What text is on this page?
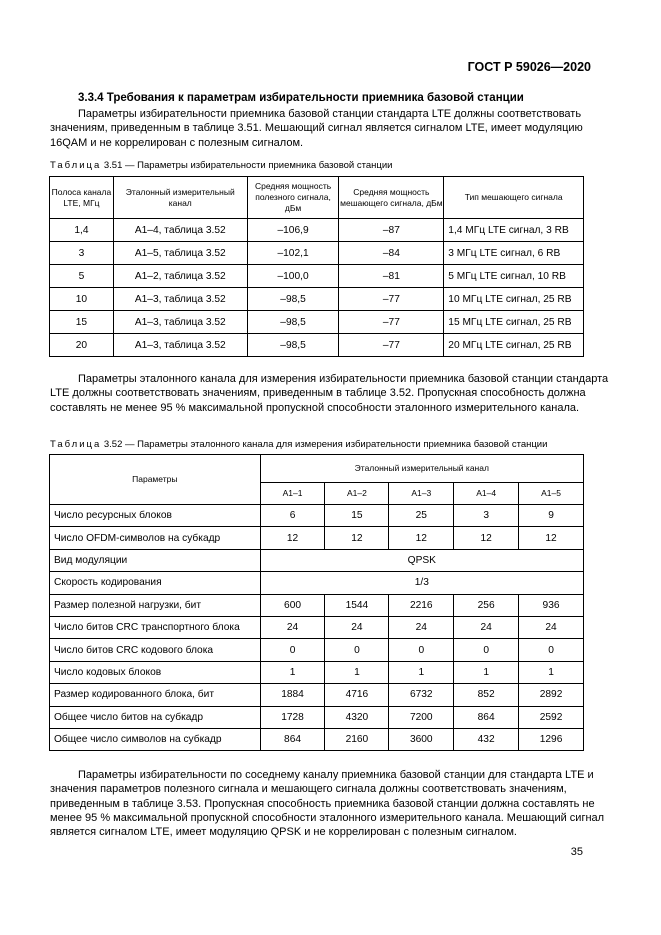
ГОСТ Р 59026—2020
3.3.4 Требования к параметрам избирательности приемника базовой станции
Параметры избирательности приемника базовой станции стандарта LTE должны соответствовать значениям, приведенным в таблице 3.51. Мешающий сигнал является сигналом LTE, имеет модуляцию 16QAM и не коррелирован с полезным сигналом.
Таблица 3.51 — Параметры избирательности приемника базовой станции
Полоса канала LTE, МГц	Эталонный измерительный канал	Средняя мощность полезного сигнала, дБм	Средняя мощность мешающего сигнала, дБм	Тип мешающего сигнала
1,4	A1–4, таблица 3.52	–106,9	–87	1,4 МГц LTE сигнал, 3 RB
3	A1–5, таблица 3.52	–102,1	–84	3 МГц LTE сигнал, 6 RB
5	A1–2, таблица 3.52	–100,0	–81	5 МГц LTE сигнал, 10 RB
10	A1–3, таблица 3.52	–98,5	–77	10 МГц LTE сигнал, 25 RB
15	A1–3, таблица 3.52	–98,5	–77	15 МГц LTE сигнал, 25 RB
20	A1–3, таблица 3.52	–98,5	–77	20 МГц LTE сигнал, 25 RB
Параметры эталонного канала для измерения избирательности приемника базовой станции стандарта LTE должны соответствовать значениям, приведенным в таблице 3.52. Пропускная способность должна составлять не менее 95 % максимальной пропускной способности эталонного измерительного канала.
Таблица 3.52 — Параметры эталонного канала для измерения избирательности приемника базовой станции
Параметры	Эталонный измерительный канал				
	A1–1	A1–2	A1–3	A1–4	A1–5
Число ресурсных блоков	6	15	25	3	9
Число OFDM-символов на субкадр	12	12	12	12	12
Вид модуляции	QPSK				
Скорость кодирования	1/3				
Размер полезной нагрузки, бит	600	1544	2216	256	936
Число битов CRC транспортного блока	24	24	24	24	24
Число битов CRC кодового блока	0	0	0	0	0
Число кодовых блоков	1	1	1	1	1
Размер кодированного блока, бит	1884	4716	6732	852	2892
Общее число битов на субкадр	1728	4320	7200	864	2592
Общее число символов на субкадр	864	2160	3600	432	1296
Параметры избирательности по соседнему каналу приемника базовой станции для стандарта LTE и значения параметров полезного сигнала и мешающего сигнала должны соответствовать значениям, приведенным в таблице 3.53. Пропускная способность приемника базовой станции должна составлять не менее 95 % максимальной пропускной способности эталонного измерительного канала. Мешающий сигнал является сигналом LTE, имеет модуляцию QPSK и не коррелирован с полезным сигналом.
35
